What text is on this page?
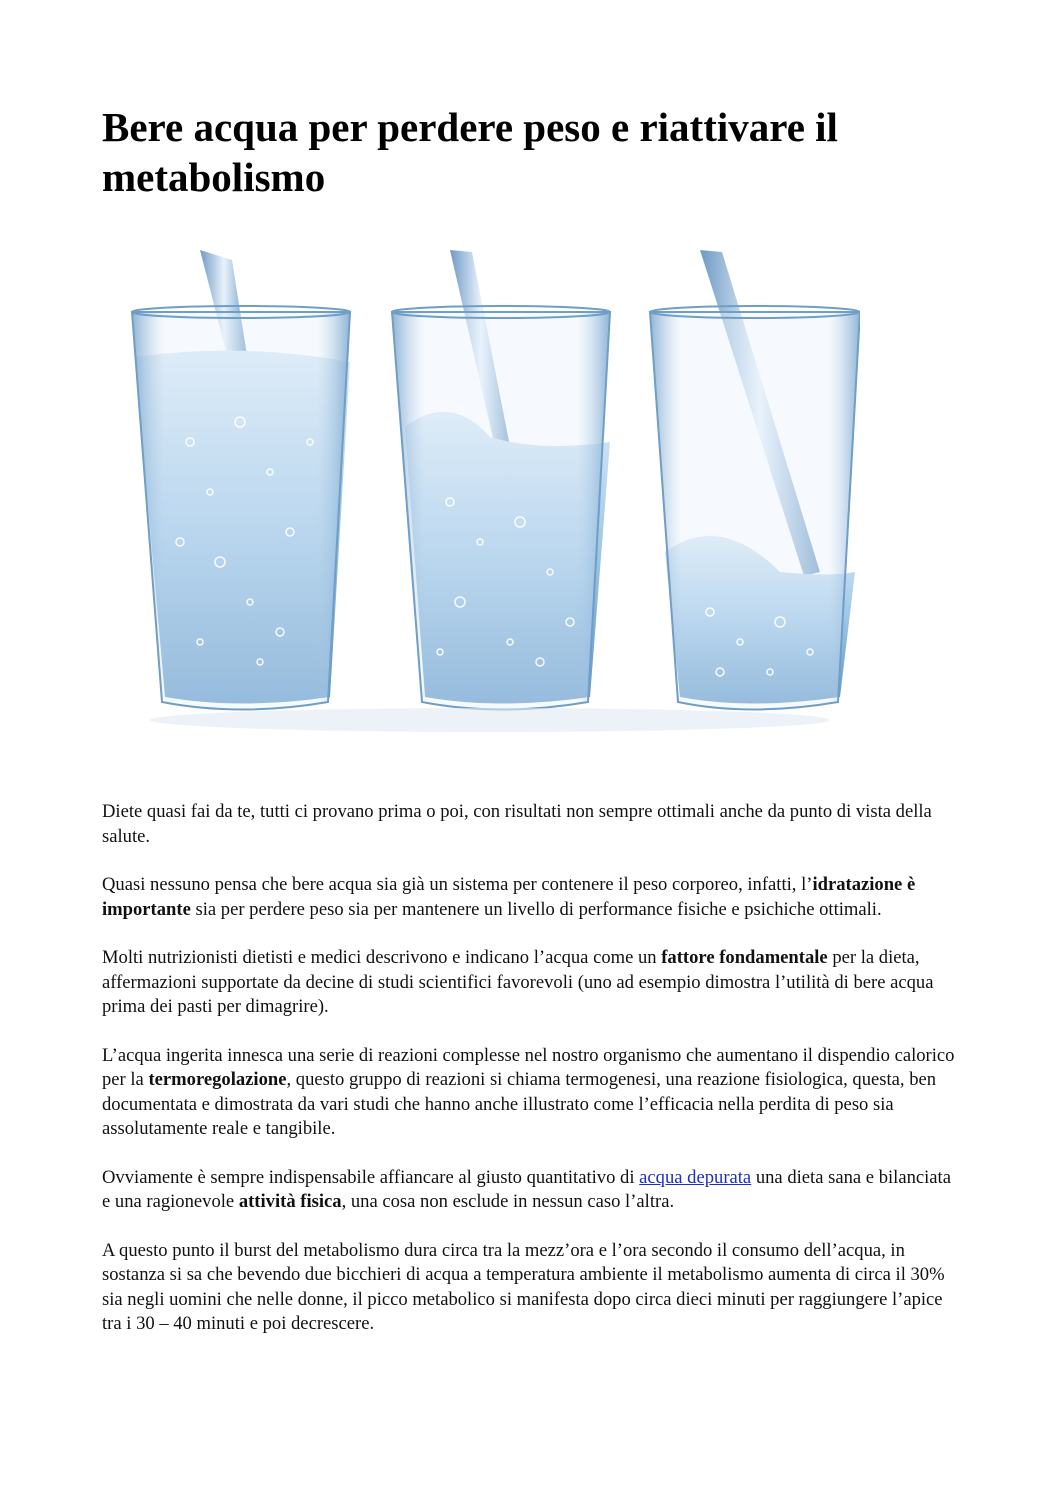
Bere acqua per perdere peso e riattivare il metabolismo

Diete quasi fai da te, tutti ci provano prima o poi, con risultati non sempre ottimali anche da punto di vista della salute.

Quasi nessuno pensa che bere acqua sia già un sistema per contenere il peso corporeo, infatti, l’idratazione è importante sia per perdere peso sia per mantenere un livello di performance fisiche e psichiche ottimali.

Molti nutrizionisti dietisti e medici descrivono e indicano l’acqua come un fattore fondamentale per la dieta, affermazioni supportate da decine di studi scientifici favorevoli (uno ad esempio dimostra l’utilità di bere acqua prima dei pasti per dimagrire).

L’acqua ingerita innesca una serie di reazioni complesse nel nostro organismo che aumentano il dispendio calorico per la termoregolazione, questo gruppo di reazioni si chiama termogenesi, una reazione fisiologica, questa, ben documentata e dimostrata da vari studi che hanno anche illustrato come l’efficacia nella perdita di peso sia assolutamente reale e tangibile.

Ovviamente è sempre indispensabile affiancare al giusto quantitativo di acqua depurata una dieta sana e bilanciata e una ragionevole attività fisica, una cosa non esclude in nessun caso l’altra.

A questo punto il burst del metabolismo dura circa tra la mezz’ora e l’ora secondo il consumo dell’acqua, in sostanza si sa che bevendo due bicchieri di acqua a temperatura ambiente il metabolismo aumenta di circa il 30% sia negli uomini che nelle donne, il picco metabolico si manifesta dopo circa dieci minuti per raggiungere l’apice tra i 30 – 40 minuti e poi decrescere.
